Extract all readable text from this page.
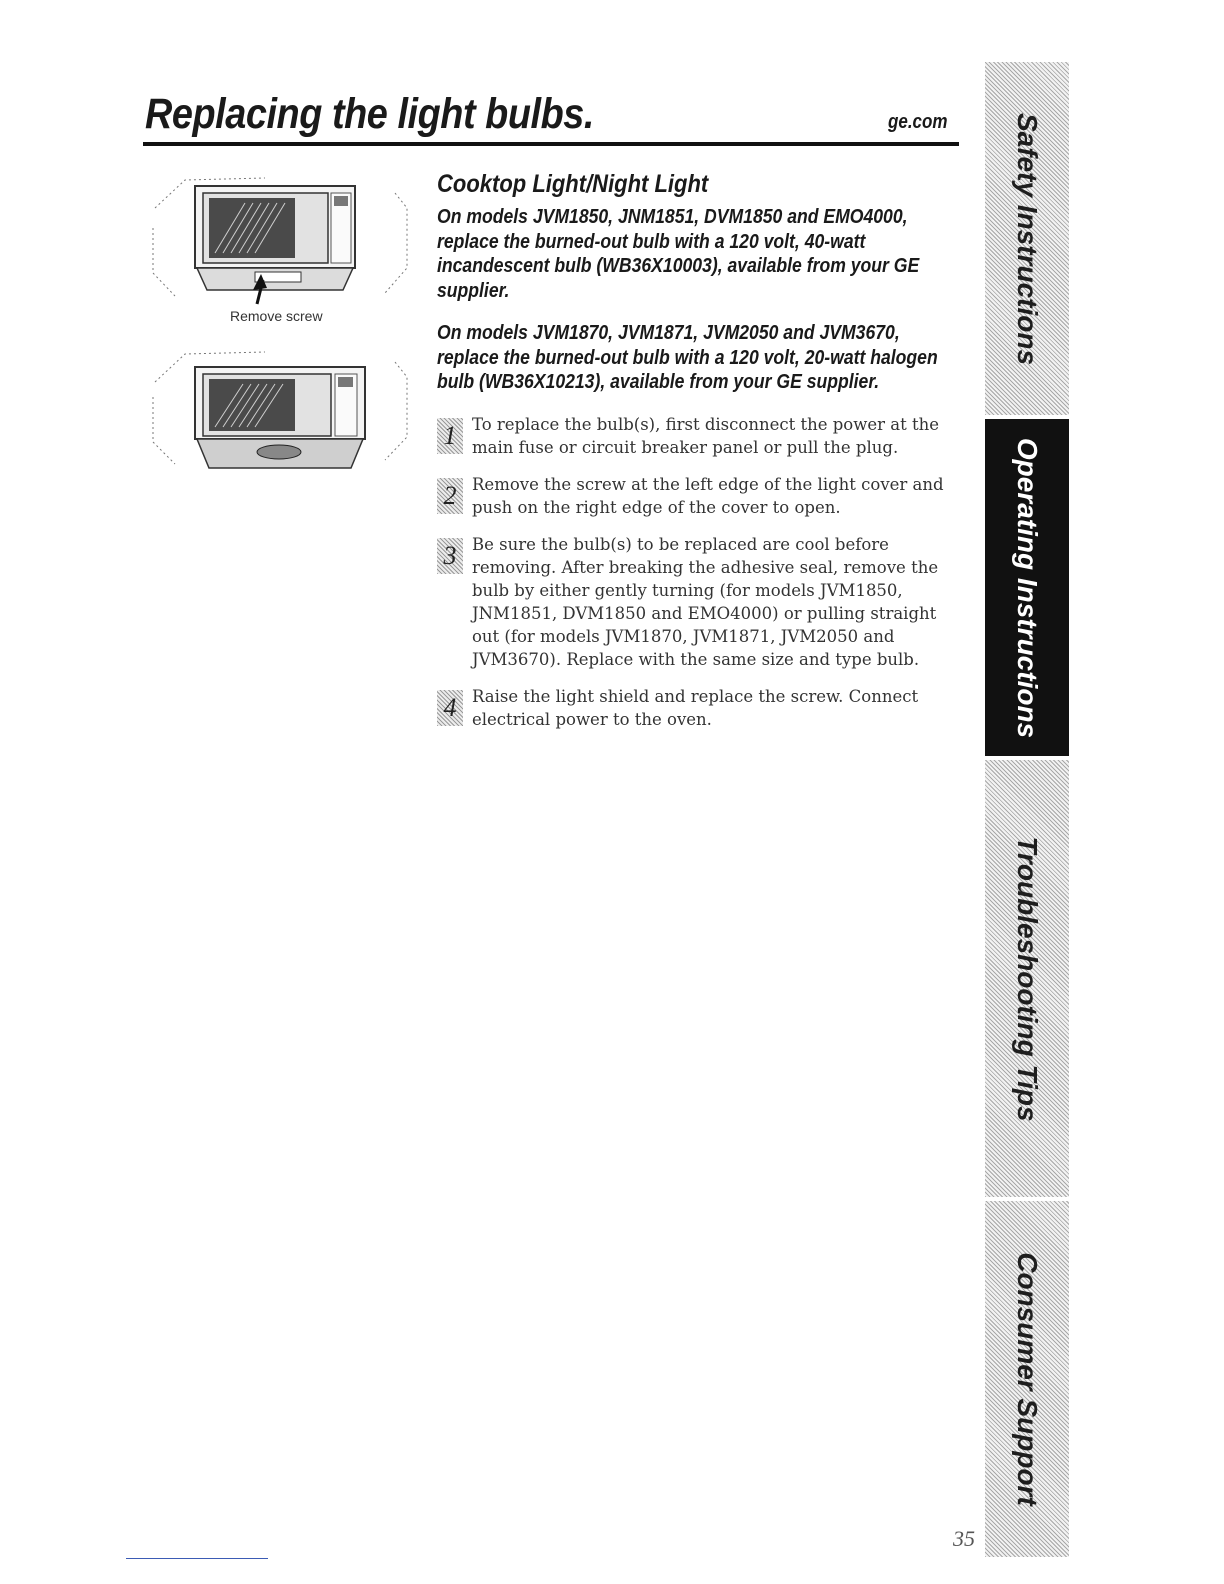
Replacing the light bulbs.	ge.com
Remove screw
Cooktop Light/Night Light
On models JVM1850, JNM1851, DVM1850 and EMO4000, replace the burned-out bulb with a 120 volt, 40-watt incandescent bulb (WB36X10003), available from your GE supplier.
On models JVM1870, JVM1871, JVM2050 and JVM3670, replace the burned-out bulb with a 120 volt, 20-watt halogen bulb (WB36X10213), available from your GE supplier.
1 To replace the bulb(s), first disconnect the power at the main fuse or circuit breaker panel or pull the plug.
2 Remove the screw at the left edge of the light cover and push on the right edge of the cover to open.
3 Be sure the bulb(s) to be replaced are cool before removing. After breaking the adhesive seal, remove the bulb by either gently turning (for models JVM1850, JNM1851, DVM1850 and EMO4000) or pulling straight out (for models JVM1870, JVM1871, JVM2050 and JVM3670). Replace with the same size and type bulb.
4 Raise the light shield and replace the screw. Connect electrical power to the oven.
Safety Instructions
Operating Instructions
Troubleshooting Tips
Consumer Support
35
